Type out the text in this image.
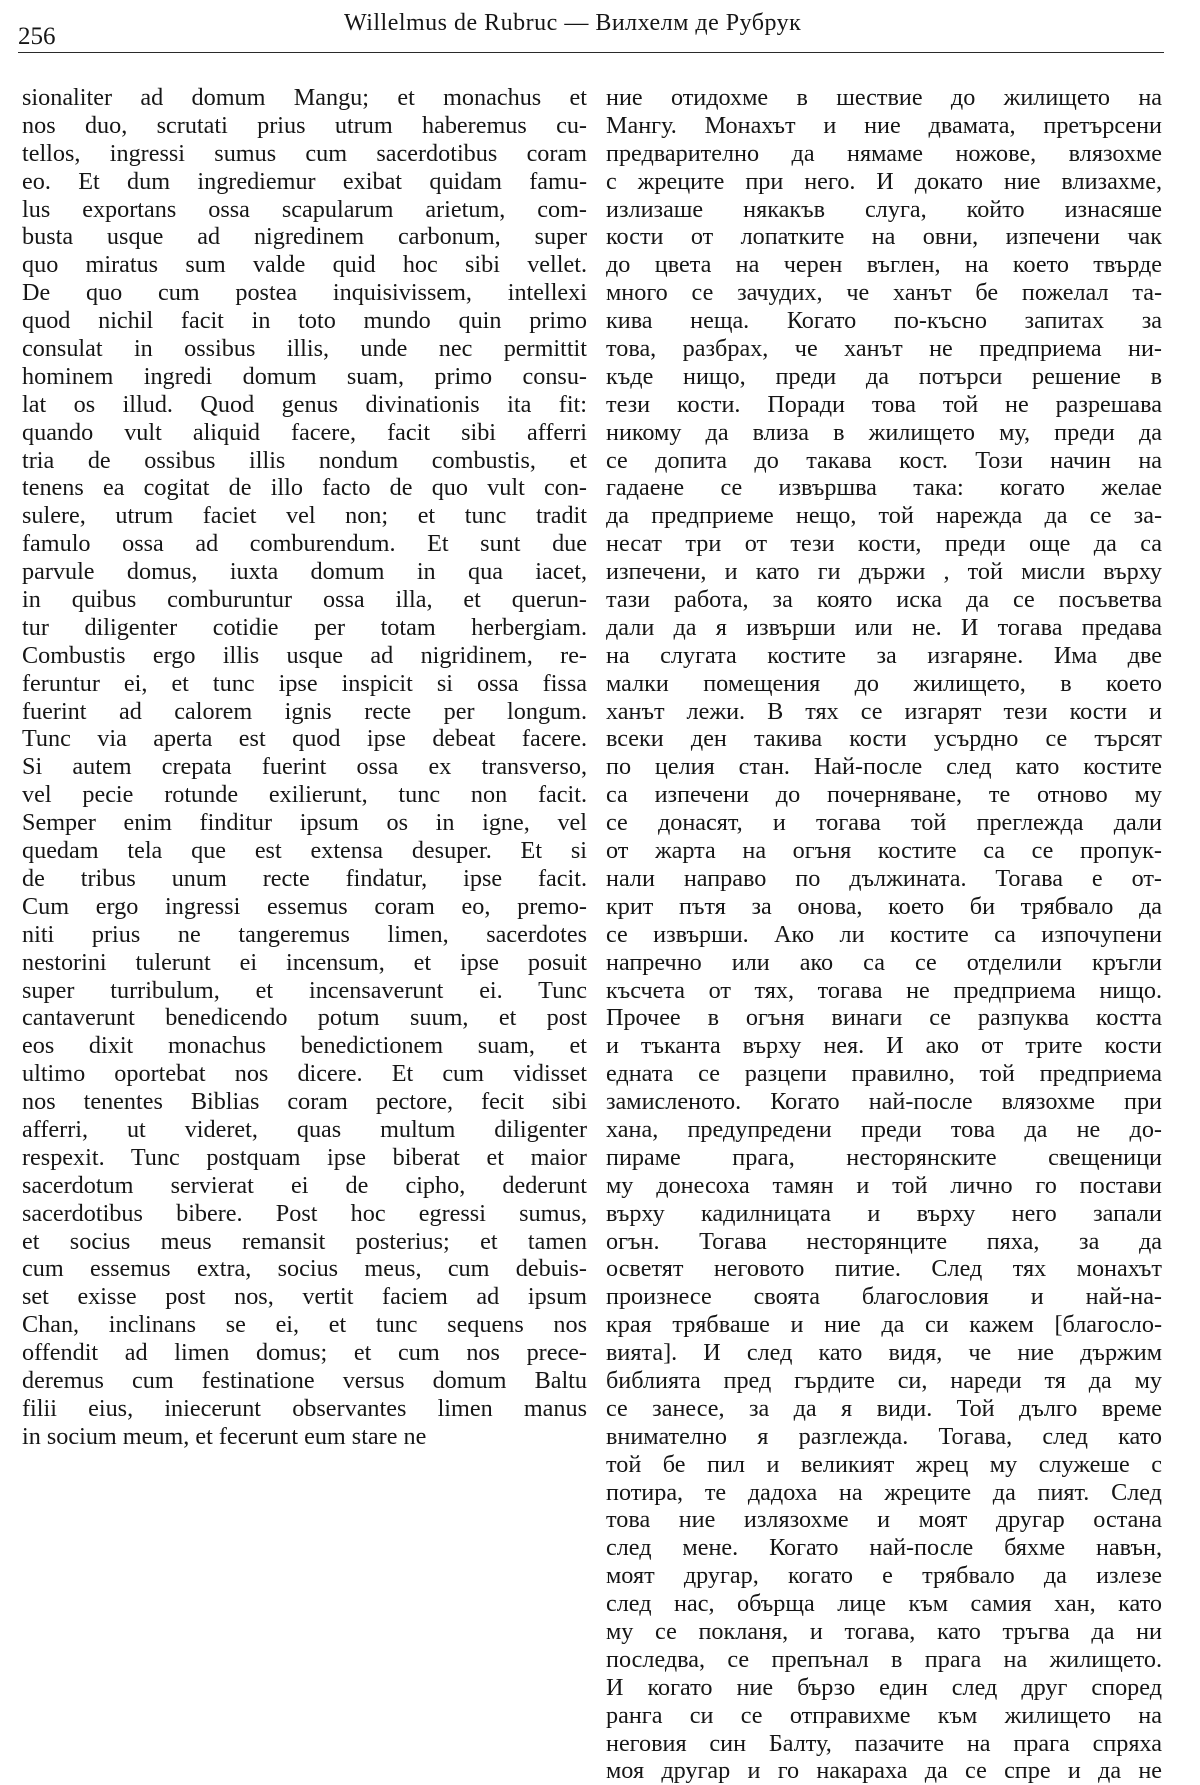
256	Willelmus de Rubruc — Вилхелм де Рубрук
sionaliter ad domum Mangu; et monachus et
nos duo, scrutati prius utrum haberemus cu-
tellos, ingressi sumus cum sacerdotibus coram
eo. Et dum ingrediemur exibat quidam famu-
lus exportans ossa scapularum arietum, com-
busta usque ad nigredinem carbonum, super
quo miratus sum valde quid hoc sibi vellet.
De quo cum postea inquisivissem, intellexi
quod nichil facit in toto mundo quin primo
consulat in ossibus illis, unde nec permittit
hominem ingredi domum suam, primo consu-
lat os illud. Quod genus divinationis ita fit:
quando vult aliquid facere, facit sibi afferri
tria de ossibus illis nondum combustis, et
tenens ea cogitat de illo facto de quo vult con-
sulere, utrum faciet vel non; et tunc tradit
famulo ossa ad comburendum. Et sunt due
parvule domus, iuxta domum in qua iacet,
in quibus comburuntur ossa illa, et querun-
tur diligenter cotidie per totam herbergiam.
Combustis ergo illis usque ad nigridinem, re-
feruntur ei, et tunc ipse inspicit si ossa fissa
fuerint ad calorem ignis recte per longum.
Tunc via aperta est quod ipse debeat facere.
Si autem crepata fuerint ossa ex transverso,
vel pecie rotunde exilierunt, tunc non facit.
Semper enim finditur ipsum os in igne, vel
quedam tela que est extensa desuper. Et si
de tribus unum recte findatur, ipse facit.
Cum ergo ingressi essemus coram eo, premo-
niti prius ne tangeremus limen, sacerdotes
nestorini tulerunt ei incensum, et ipse posuit
super turribulum, et incensaverunt ei. Tunc
cantaverunt benedicendo potum suum, et post
eos dixit monachus benedictionem suam, et
ultimo oportebat nos dicere. Et cum vidisset
nos tenentes Biblias coram pectore, fecit sibi
afferri, ut videret, quas multum diligenter
respexit. Tunc postquam ipse biberat et maior
sacerdotum servierat ei de cipho, dederunt
sacerdotibus bibere. Post hoc egressi sumus,
et socius meus remansit posterius; et tamen
cum essemus extra, socius meus, cum debuis-
set exisse post nos, vertit faciem ad ipsum
Chan, inclinans se ei, et tunc sequens nos
offendit ad limen domus; et cum nos prece-
deremus cum festinatione versus domum Baltu
filii eius, iniecerunt observantes limen manus
in socium meum, et fecerunt eum stare ne
ние отидохме в шествие до жилището на
Мангу. Монахът и ние двамата, претърсени
предварително да нямаме ножове, влязохме
с жреците при него. И докато ние влизахме,
излизаше някакъв слуга, който изнасяше
кости от лопатките на овни, изпечени чак
до цвета на черен въглен, на което твърде
много се зачудих, че ханът бе пожелал та-
кива неща. Когато по-късно запитах за
това, разбрах, че ханът не предприема ни-
къде нищо, преди да потърси решение в
тези кости. Поради това той не разрешава
никому да влиза в жилището му, преди да
се допита до такава кост. Този начин на
гадаене се извършва така: когато желае
да предприеме нещо, той нарежда да се за-
несат три от тези кости, преди още да са
изпечени, и като ги държи , той мисли върху
тази работа, за която иска да се посъветва
дали да я извърши или не. И тогава предава
на слугата костите за изгаряне. Има две
малки помещения до жилището, в което
ханът лежи. В тях се изгарят тези кости и
всеки ден такива кости усърдно се търсят
по целия стан. Най-после след като костите
са изпечени до почерняване, те отново му
се донасят, и тогава той преглежда дали
от жарта на огъня костите са се пропук-
нали направо по дължината. Тогава е от-
крит пътя за онова, което би трябвало да
се извърши. Ако ли костите са изпочупени
напречно или ако са се отделили кръгли
късчета от тях, тогава не предприема нищо.
Прочее в огъня винаги се разпуква костта
и тъканта върху нея. И ако от трите кости
едната се разцепи правилно, той предприема
замисленото. Когато най-после влязохме при
хана, предупредени преди това да не до-
пираме прага, несторянските свещеници
му донесоха тамян и той лично го постави
върху кадилницата и върху него запали
огън. Тогава несторянците пяха, за да
осветят неговото питие. След тях монахът
произнесе своята благословия и най-на-
края трябваше и ние да си кажем [благосло-
вията]. И след като видя, че ние държим
библията пред гърдите си, нареди тя да му
се занесе, за да я види. Той дълго време
внимателно я разглежда. Тогава, след като
той бе пил и великият жрец му служеше с
потира, те дадоха на жреците да пият. След
това ние излязохме и моят другар остана
след мене. Когато най-после бяхме навън,
моят другар, когато е трябвало да излезе
след нас, обърща лице към самия хан, като
му се покланя, и тогава, като тръгва да ни
последва, се препънал в прага на жилището.
И когато ние бързо един след друг според
ранга си се отправихме към жилището на
неговия син Балту, пазачите на прага спряха
моя другар и го накараха да се спре и да не
